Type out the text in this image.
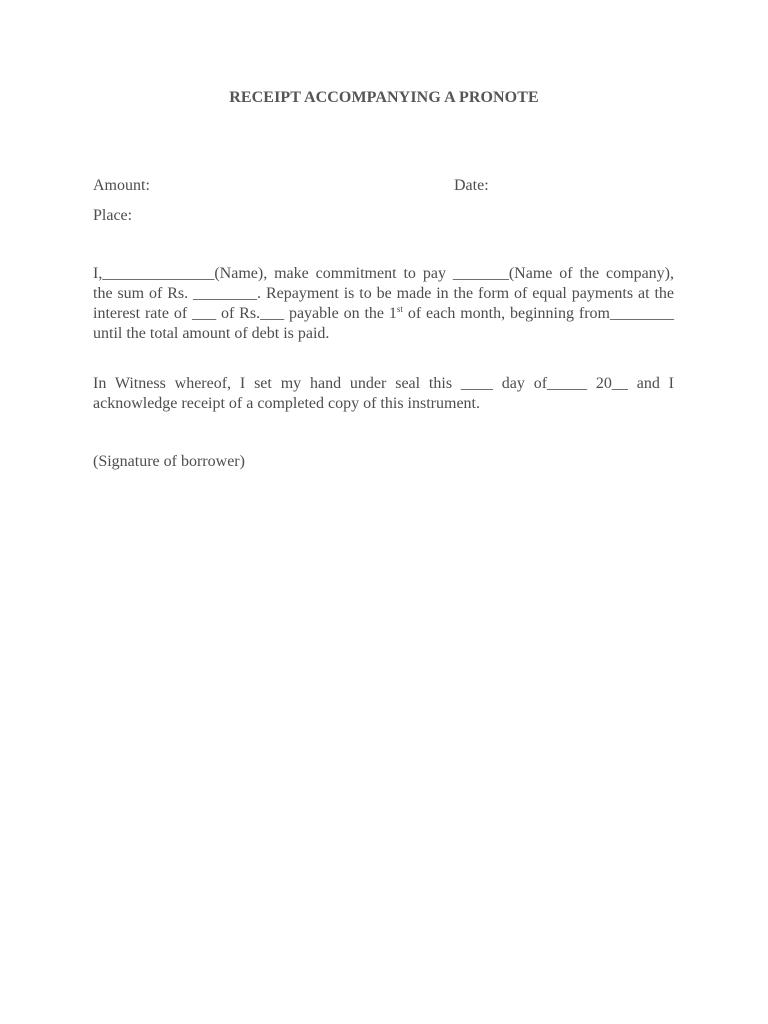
RECEIPT ACCOMPANYING A PRONOTE
Amount:	Date:
Place:
I,______________(Name), make commitment to pay _______(Name of the company), the sum of Rs. ________. Repayment is to be made in the form of equal payments at the interest rate of ___ of Rs.___ payable on the 1st of each month, beginning from________ until the total amount of debt is paid.
In Witness whereof, I set my hand under seal this ____ day of_____ 20__ and I acknowledge receipt of a completed copy of this instrument.
(Signature of borrower)
